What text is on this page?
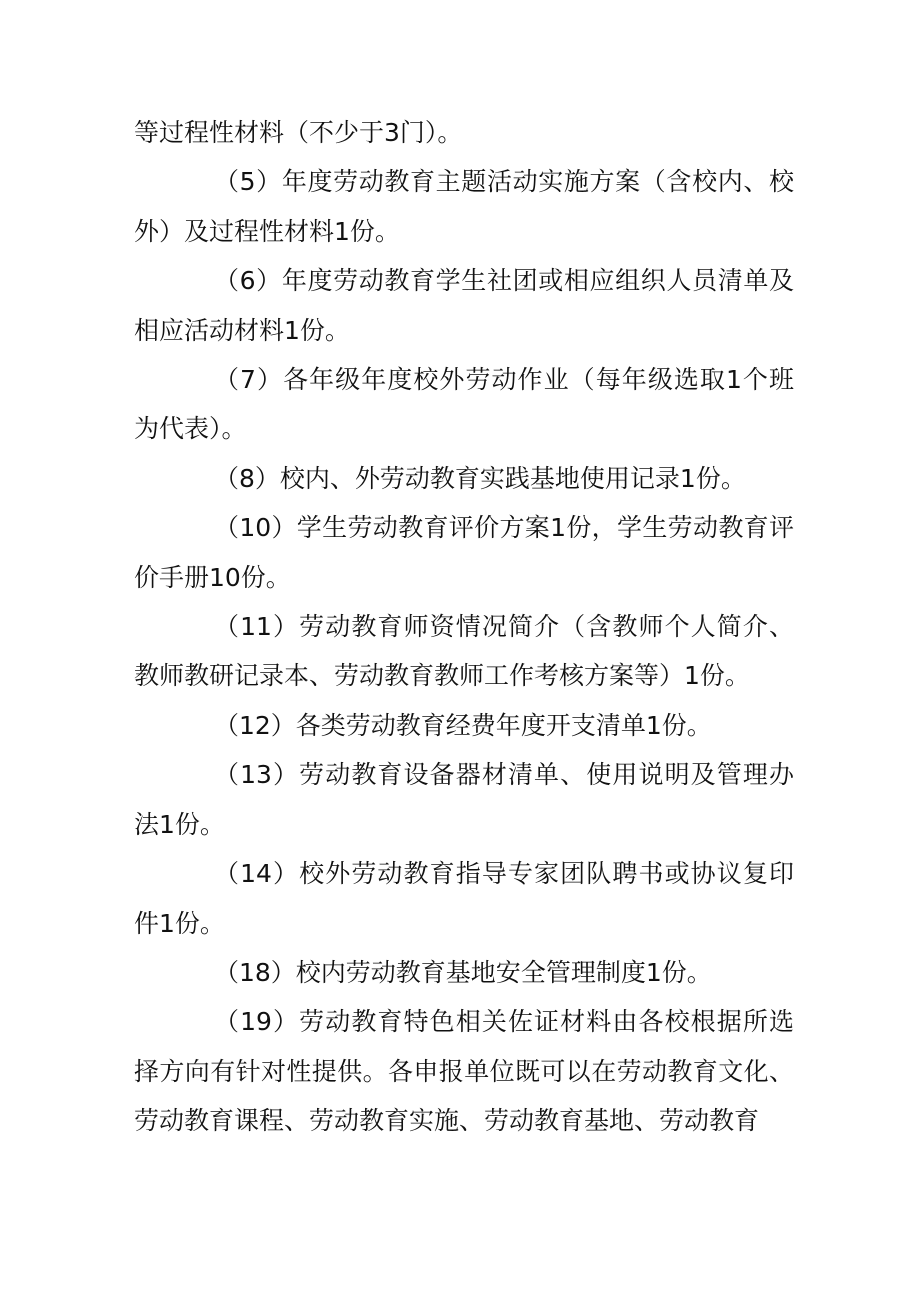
等过程性材料（不少于3门）。

（5）年度劳动教育主题活动实施方案（含校内、校外）及过程性材料1份。

（6）年度劳动教育学生社团或相应组织人员清单及相应活动材料1份。

（7）各年级年度校外劳动作业（每年级选取1个班为代表）。

（8）校内、外劳动教育实践基地使用记录1份。

（10）学生劳动教育评价方案1份，学生劳动教育评价手册10份。

（11）劳动教育师资情况简介（含教师个人简介、教师教研记录本、劳动教育教师工作考核方案等）1份。

（12）各类劳动教育经费年度开支清单1份。

（13）劳动教育设备器材清单、使用说明及管理办法1份。

（14）校外劳动教育指导专家团队聘书或协议复印件1份。

（18）校内劳动教育基地安全管理制度1份。

（19）劳动教育特色相关佐证材料由各校根据所选择方向有针对性提供。各申报单位既可以在劳动教育文化、劳动教育课程、劳动教育实施、劳动教育基地、劳动教育
